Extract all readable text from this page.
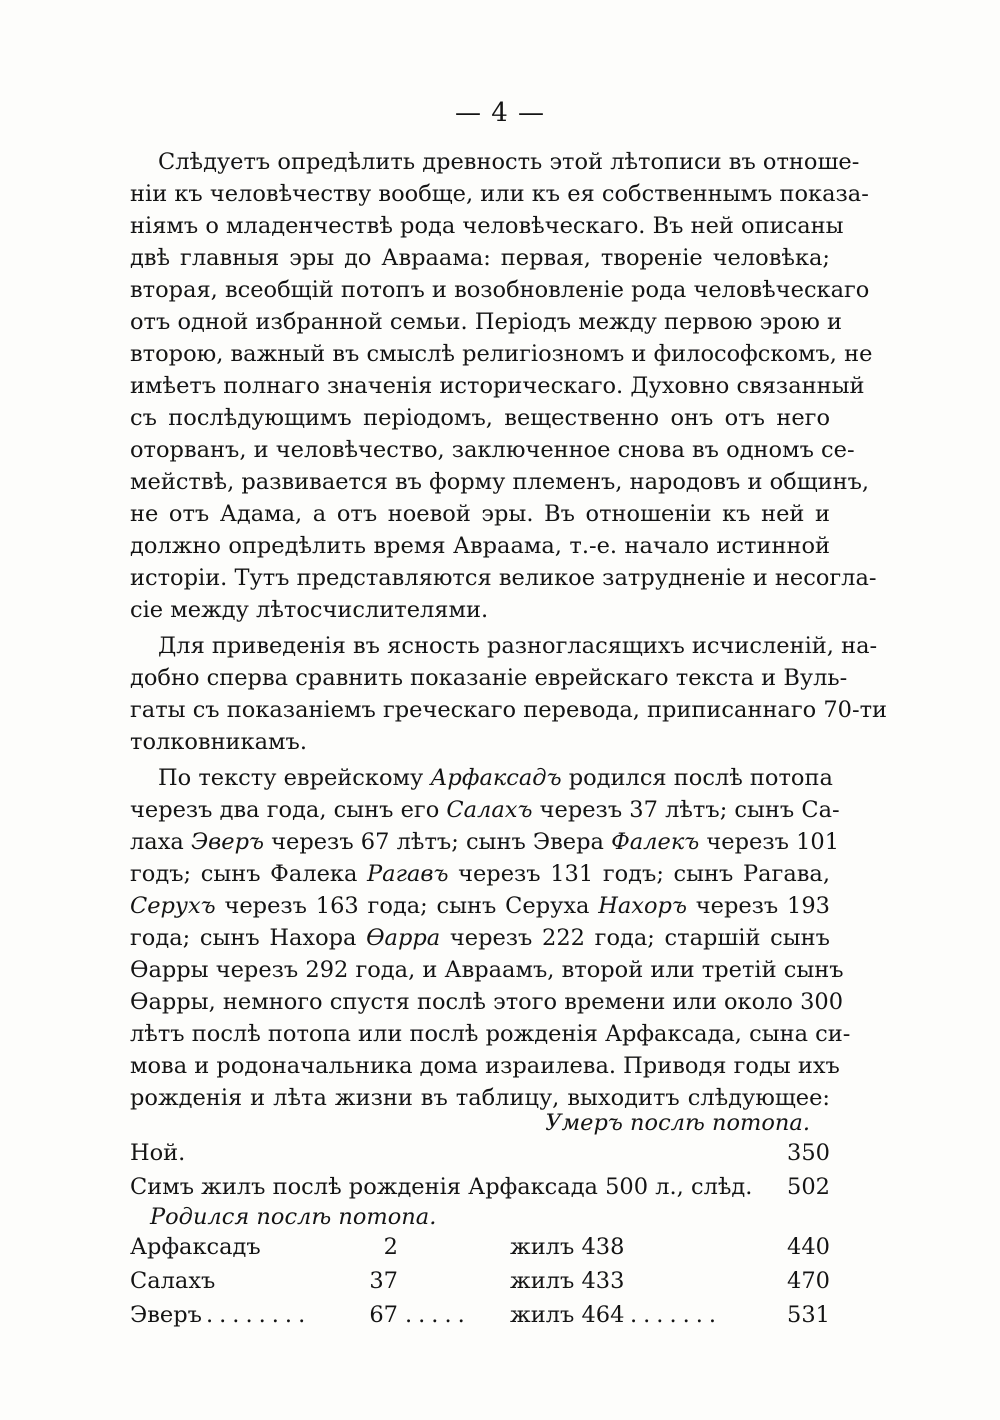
— 4 —
Слѣдуетъ опредѣлить древность этой лѣтописи въ отноше-
ніи къ человѣчеству вообще, или къ ея собственнымъ показа-
ніямъ о младенчествѣ рода человѣческаго. Въ ней описаны
двѣ главныя эры до Авраама: первая, твореніе человѣка;
вторая, всеобщій потопъ и возобновленіе рода человѣческаго
отъ одной избранной семьи. Періодъ между первою эрою и
второю, важный въ смыслѣ религіозномъ и философскомъ, не
имѣетъ полнаго значенія историческаго. Духовно связанный
съ послѣдующимъ періодомъ, вещественно онъ отъ него
оторванъ, и человѣчество, заключенное снова въ одномъ се-
мействѣ, развивается въ форму племенъ, народовъ и общинъ,
не отъ Адама, а отъ ноевой эры. Въ отношеніи къ ней и
должно опредѣлить время Авраама, т.-е. начало истинной
исторіи. Тутъ представляются великое затрудненіе и несогла-
сіе между лѣтосчислителями.
Для приведенія въ ясность разногласящихъ исчисленій, на-
добно сперва сравнить показаніе еврейскаго текста и Вуль-
гаты съ показаніемъ греческаго перевода, приписаннаго 70-ти
толковникамъ.
По тексту еврейскому Арфаксадъ родился послѣ потопа
черезъ два года, сынъ его Салахъ черезъ 37 лѣтъ; сынъ Са-
лаха Эверъ черезъ 67 лѣтъ; сынъ Эвера Фалекъ черезъ 101
годъ; сынъ Фалека Рагавъ черезъ 131 годъ; сынъ Рагава,
Серухъ черезъ 163 года; сынъ Серуха Нахоръ черезъ 193
года; сынъ Нахора Ѳарра черезъ 222 года; старшій сынъ
Ѳарры черезъ 292 года, и Авраамъ, второй или третій сынъ
Ѳарры, немного спустя послѣ этого времени или около 300
лѣтъ послѣ потопа или послѣ рожденія Арфаксада, сына си-
мова и родоначальника дома израилева. Приводя годы ихъ
рожденія и лѣта жизни въ таблицу, выходитъ слѣдующее:
Умеръ послѣ потопа.
Ной.	350
Симъ жилъ послѣ рожденія Арфаксада 500 л., слѣд. 502
Родился послѣ потопа.
Арфаксадъ	2	жилъ 438	440
Салахъ	37	жилъ 433	470
Эверъ ........	67 ..... жилъ 464 .......	531
